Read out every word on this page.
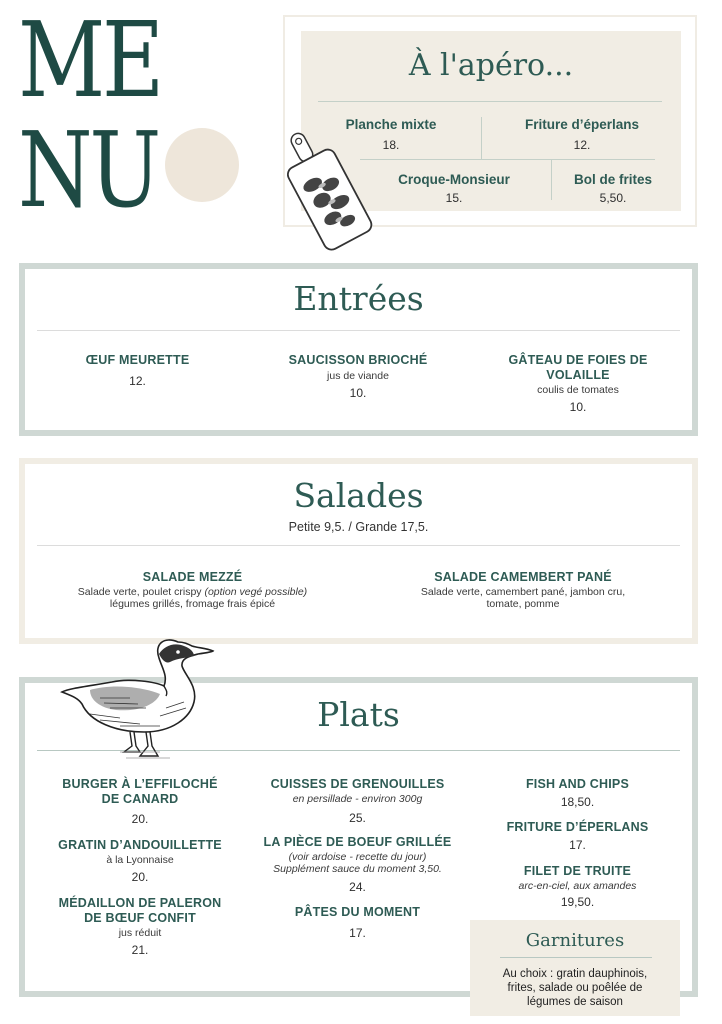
ME
NU
À l'apéro...
Planche mixte
18.
Friture d’éperlans
12.
Croque-Monsieur
15.
Bol de frites
5,50.
Entrées
ŒUF MEURETTE
12.
SAUCISSON BRIOCHÉ
jus de viande
10.
GÂTEAU DE FOIES DE VOLAILLE
coulis de tomates
10.
Salades
Petite 9,5. / Grande 17,5.
SALADE MEZZÉ
Salade verte, poulet crispy (option vegé possible)
légumes grillés, fromage frais épicé
SALADE CAMEMBERT PANÉ
Salade verte, camembert pané, jambon cru,
tomate, pomme
Plats
BURGER À L’EFFILOCHÉ
DE CANARD
20.
GRATIN D’ANDOUILLETTE
à la Lyonnaise
20.
MÉDAILLON DE PALERON
DE BŒUF CONFIT
jus réduit
21.
CUISSES DE GRENOUILLES
en persillade - environ 300g
25.
LA PIÈCE DE BOEUF GRILLÉE
(voir ardoise - recette du jour)
Supplément sauce du moment 3,50.
24.
PÂTES DU MOMENT
17.
FISH AND CHIPS
18,50.
FRITURE D’ÉPERLANS
17.
FILET DE TRUITE
arc-en-ciel, aux amandes
19,50.
Garnitures
Au choix : gratin dauphinois,
frites, salade ou poêlée de
légumes de saison
